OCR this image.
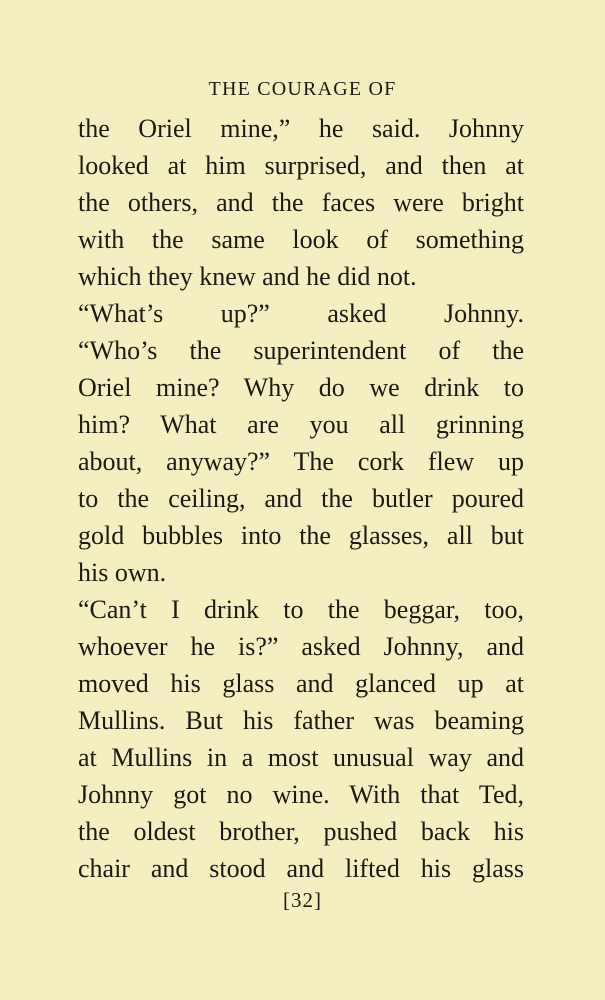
THE COURAGE OF
the Oriel mine,” he said. Johnny
looked at him surprised, and then at
the others, and the faces were bright
with the same look of something
which they knew and he did not.
“What’s up?” asked Johnny.
“Who’s the superintendent of the
Oriel mine? Why do we drink to
him? What are you all grinning
about, anyway?” The cork flew up
to the ceiling, and the butler poured
gold bubbles into the glasses, all but
his own.
“Can’t I drink to the beggar, too,
whoever he is?” asked Johnny, and
moved his glass and glanced up at
Mullins. But his father was beaming
at Mullins in a most unusual way and
Johnny got no wine. With that Ted,
the oldest brother, pushed back his
chair and stood and lifted his glass
[32]
